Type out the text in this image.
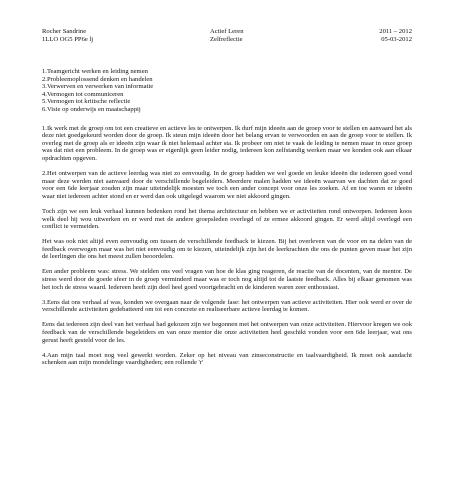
Rocher Sandrine
1LLO OG5 PP6e lj
Actief Leren
Zelfreflectie
2011 – 2012
05-03-2012
1.Teamgericht werken en leiding nemen
2.Probleemoplossend denken en handelen
3.Verwerven en verwerken van informatie
4.Vermogen tot communiceren
5.Vermogen tot kritische reflectie
6.Visie op onderwijs en maatschappij

1.Ik werk met de groep om tot een creatieve en actieve les te ontwerpen. Ik durf mijn ideeën aan de groep voor te stellen en aanvaard het als deze niet goedgekeurd worden door de groep. Ik steun mijn ideeën door het belang ervan te verwoorden en aan de groep voor te stellen. Ik overleg met de groep als er ideeën zijn waar ik niet helemaal achter sta. Ik probeer om niet te vaak de leiding te nemen maar in onze groep was dat niet een probleem. In de groep was er eigenlijk geen leider nodig, iedereen kon zelfstandig werken maar we konden ook aan elkaar opdrachten opgeven.

2.Het ontwerpen van de actieve leerdag was niet zo eenvoudig. In de groep hadden we wel goede en leuke ideeën die iedereen goed vond maar deze werden niet aanvaard door de verschillende begeleiders. Meerdere malen hadden we ideeën waarvan we dachten dat ze goed voor een 6de leerjaar zouden zijn maar uiteindelijk moesten we toch een ander concept voor onze les zoeken. Af en toe waren er ideeën waar niet iedereen achter stond en er werd dan ook uitgelegd waarom we niet akkoord gingen.

Toch zijn we een leuk verhaal kunnen bedenken rond het thema architectuur en hebben we er activiteiten rond ontworpen. Iedereen koos welk deel hij wou uitwerken en er werd met de andere groepsleden overlegd of ze ermee akkoord gingen. Er werd altijd overlegd een conflict te vermeiden.

Het was ook niet altijd even eenvoudig om tussen de verschillende feedback te kiezen. Bij het overleven van de voor en na delen van de feedback overwogen maar was het niet eenvoudig om te kiezen, uiteindelijk zijn het de leerkrachten die ons de punten geven maar het zijn de leerlingen die ons het meest zullen beoordelen.

Een ander probleem was: stress. We stelden ons veel vragen van hoe de klas ging reageren, de reactie van de docenten, van de mentor. De stress werd door de goede sfeer in de groep verminderd maar was er toch nog altijd tot de laatste feedback. Alles bij elkaar genomen was het toch de stress waard. Iedereen heeft zijn deel heel goed voortgebracht en de kinderen waren zeer enthousiast.

3.Eens dat ons verhaal af was, konden we overgaan naar de volgende fase: het ontwerpen van actieve activiteiten. Hier ook werd er over de verschillende activiteiten gedebatteerd om tot een concrete en realiseerbare actieve leerdag te komen.

Eens dat iedereen zijn deel van het verhaal had gekozen zijn we begonnen met het ontwerpen van onze activiteiten. Hiervoor kregen we ook feedback van de verschillende begeleiders en van onze mentor die onze activiteiten heel geschikt vonden voor een 6de leerjaar, wat ons gerust heeft gesteld voor de les.

4.Aan mijn taal moet nog veel gewerkt worden. Zeker op het niveau van zinseconstructie en taalvaardigheid. Ik moet ook aandacht schenken aan mijn mondelinge vaardigheden; een rollende 'r'
